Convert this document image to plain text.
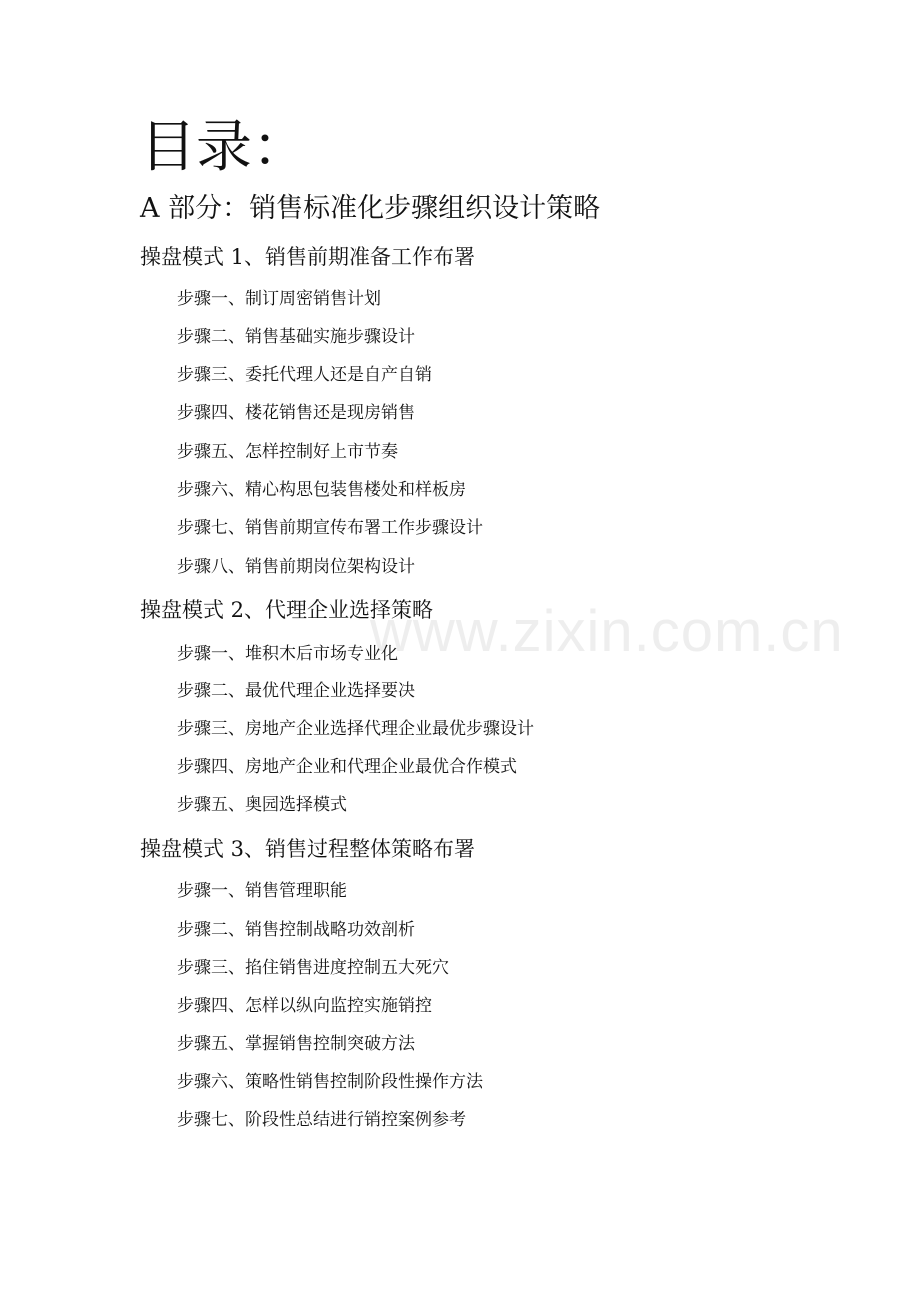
目录：
A 部分：销售标准化步骤组织设计策略
操盘模式 1、销售前期准备工作布署
步骤一、制订周密销售计划
步骤二、销售基础实施步骤设计
步骤三、委托代理人还是自产自销
步骤四、楼花销售还是现房销售
步骤五、怎样控制好上市节奏
步骤六、精心构思包装售楼处和样板房
步骤七、销售前期宣传布署工作步骤设计
步骤八、销售前期岗位架构设计
操盘模式 2、代理企业选择策略
步骤一、堆积木后市场专业化
步骤二、最优代理企业选择要决
步骤三、房地产企业选择代理企业最优步骤设计
步骤四、房地产企业和代理企业最优合作模式
步骤五、奥园选择模式
操盘模式 3、销售过程整体策略布署
步骤一、销售管理职能
步骤二、销售控制战略功效剖析
步骤三、掐住销售进度控制五大死穴
步骤四、怎样以纵向监控实施销控
步骤五、掌握销售控制突破方法
步骤六、策略性销售控制阶段性操作方法
步骤七、阶段性总结进行销控案例参考
www.zixin.com.cn
